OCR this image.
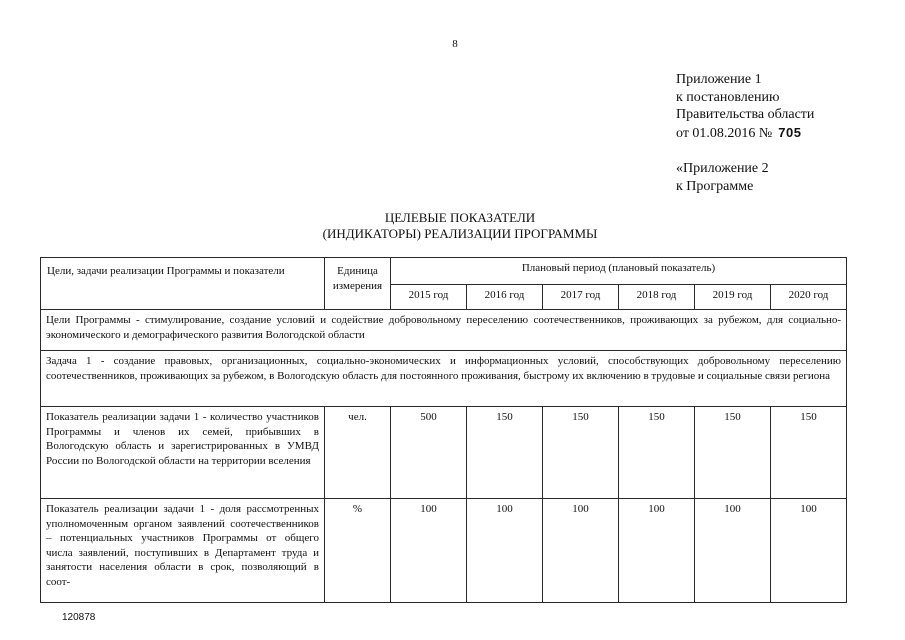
8
Приложение 1
к постановлению
Правительства области
от 01.08.2016 № 705
«Приложение 2
к Программе
ЦЕЛЕВЫЕ ПОКАЗАТЕЛИ
(ИНДИКАТОРЫ) РЕАЛИЗАЦИИ ПРОГРАММЫ
Цели, задачи реализации Программы и показатели	Единица измерения	Плановый период (плановый показатель)					
		2015 год	2016 год	2017 год	2018 год	2019 год	2020 год
Цели Программы - стимулирование, создание условий и содействие добровольному переселению соотечественников, проживающих за рубежом, для социально-экономического и демографического развития Вологодской области							
Задача 1 - создание правовых, организационных, социально-экономических и информационных условий, способствующих добровольному переселению соотечественников, проживающих за рубежом, в Вологодскую область для постоянного проживания, быстрому их включению в трудовые и социальные связи региона							
Показатель реализации задачи 1 - количество участников Программы и членов их семей, прибывших в Вологодскую область и зарегистрированных в УМВД России по Вологодской области на территории вселения	чел.	500	150	150	150	150	150
Показатель реализации задачи 1 - доля рассмотренных уполномоченным органом заявлений соотечественников – потенциальных участников Программы от общего числа заявлений, поступивших в Департамент труда и занятости населения области в срок, позволяющий в соот-	%	100	100	100	100	100	100
120878
